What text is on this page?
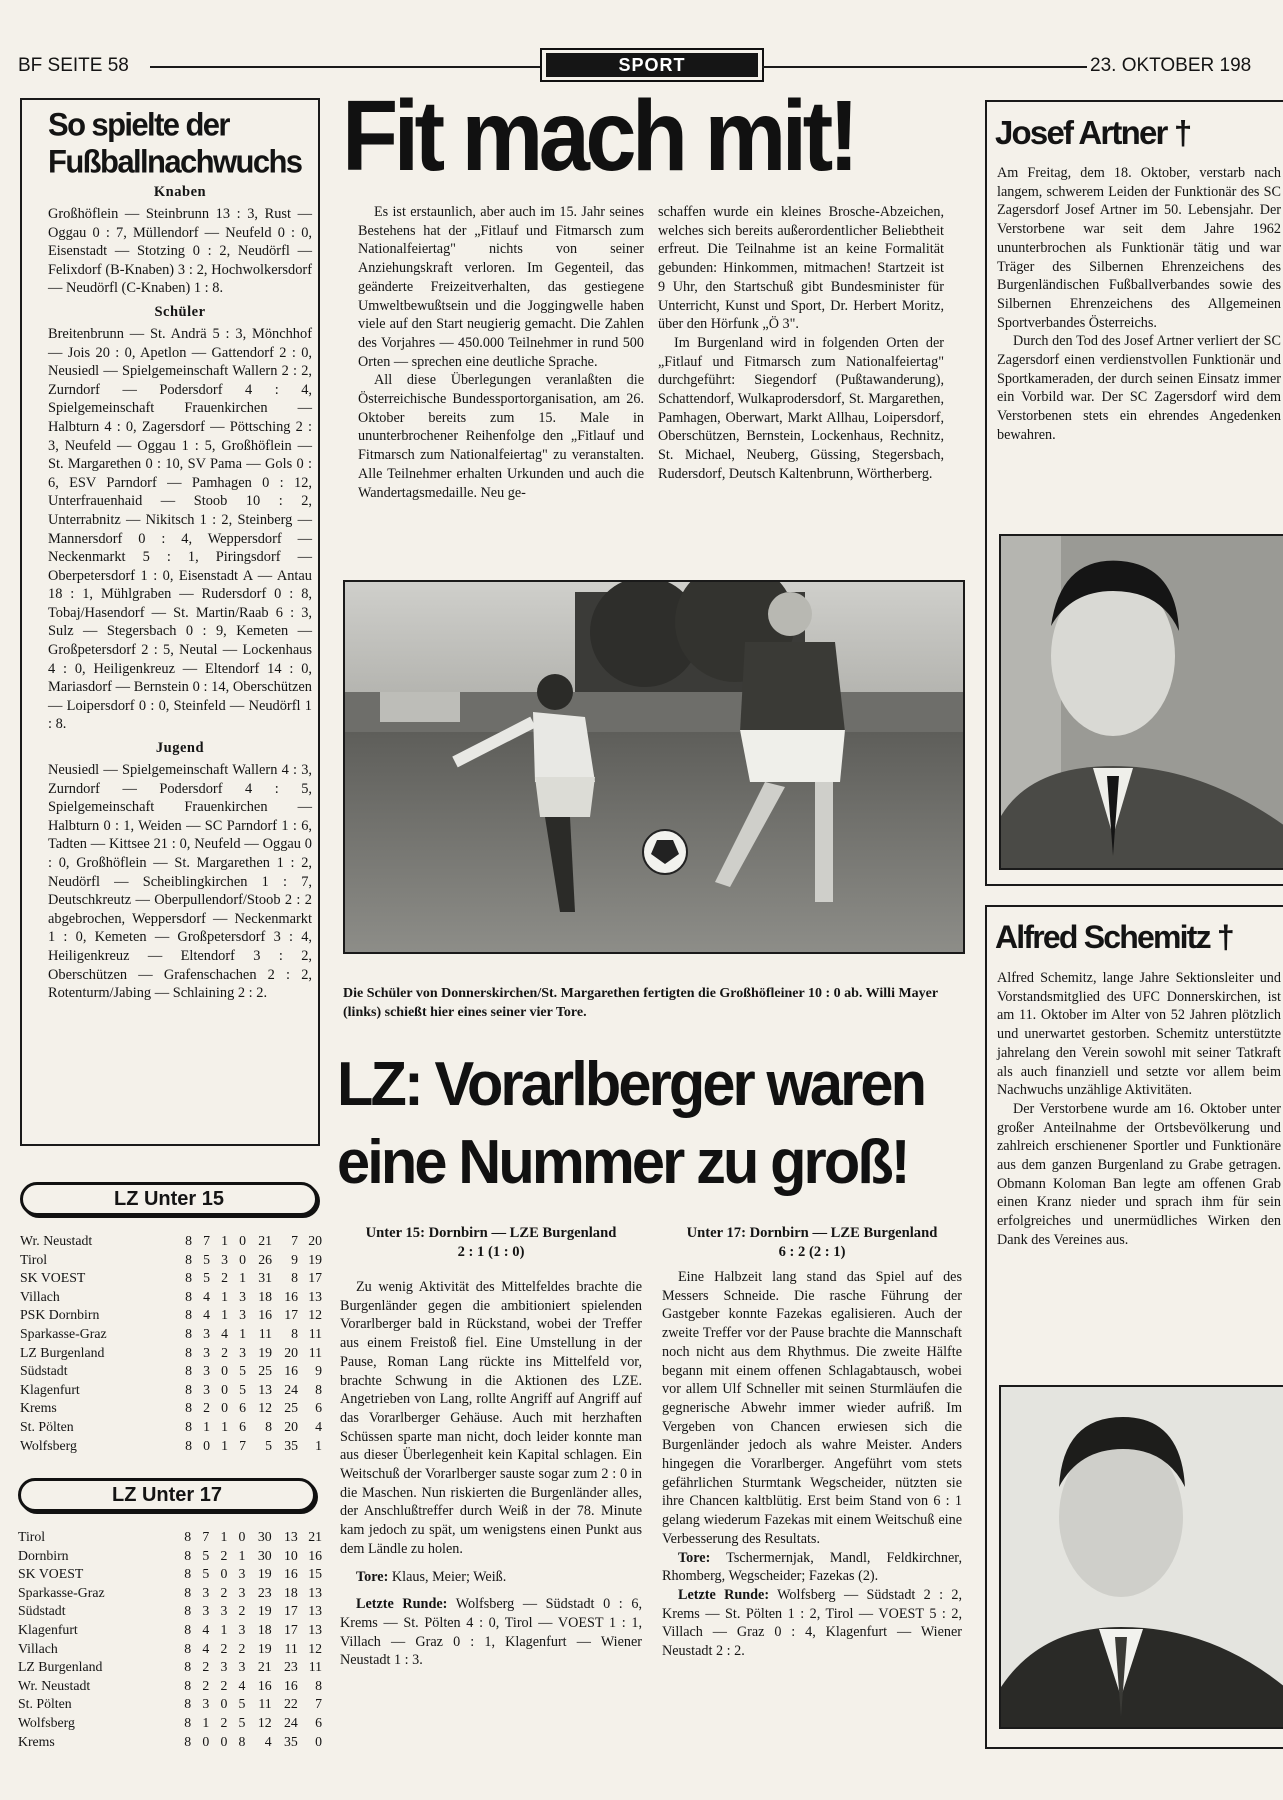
BF SEITE 58	SPORT	23. OKTOBER 198
So spielte der
Fußballnachwuchs
Knaben

Großhöflein — Steinbrunn 13 : 3, Rust — Oggau 0 : 7, Müllendorf — Neufeld 0 : 0, Eisenstadt — Stotzing 0 : 2, Neudörfl — Felixdorf (B-Knaben) 3 : 2, Hochwolkersdorf — Neudörfl (C-Knaben) 1 : 8.

Schüler

Breitenbrunn — St. Andrä 5 : 3, Mönchhof — Jois 20 : 0, Apetlon — Gattendorf 2 : 0, Neusiedl — Spielgemeinschaft Wallern 2 : 2, Zurndorf — Podersdorf 4 : 4, Spielgemeinschaft Frauenkirchen — Halbturn 4 : 0, Zagersdorf — Pöttsching 2 : 3, Neufeld — Oggau 1 : 5, Großhöflein — St. Margarethen 0 : 10, SV Pama — Gols 0 : 6, ESV Parndorf — Pamhagen 0 : 12, Unterfrauenhaid — Stoob 10 : 2, Unterrabnitz — Nikitsch 1 : 2, Steinberg — Mannersdorf 0 : 4, Weppersdorf — Neckenmarkt 5 : 1, Piringsdorf — Oberpetersdorf 1 : 0, Eisenstadt A — Antau 18 : 1, Mühlgraben — Rudersdorf 0 : 8, Tobaj/Hasendorf — St. Martin/Raab 6 : 3, Sulz — Stegersbach 0 : 9, Kemeten — Großpetersdorf 2 : 5, Neutal — Lockenhaus 4 : 0, Heiligenkreuz — Eltendorf 14 : 0, Mariasdorf — Bernstein 0 : 14, Oberschützen — Loipersdorf 0 : 0, Steinfeld — Neudörfl 1 : 8.

Jugend

Neusiedl — Spielgemeinschaft Wallern 4 : 3, Zurndorf — Podersdorf 4 : 5, Spielgemeinschaft Frauenkirchen — Halbturn 0 : 1, Weiden — SC Parndorf 1 : 6, Tadten — Kittsee 21 : 0, Neufeld — Oggau 0 : 0, Großhöflein — St. Margarethen 1 : 2, Neudörfl — Scheiblingkirchen 1 : 7, Deutschkreutz — Oberpullendorf/Stoob 2 : 2 abgebrochen, Weppersdorf — Neckenmarkt 1 : 0, Kemeten — Großpetersdorf 3 : 4, Heiligenkreuz — Eltendorf 3 : 2, Oberschützen — Grafenschachen 2 : 2, Rotenturm/Jabing — Schlaining 2 : 2.

LZ Unter 15
Wr. Neustadt	8	7	1	0	21	7	20
Tirol	8	5	3	0	26	9	19
SK VOEST	8	5	2	1	31	8	17
Villach	8	4	1	3	18	16	13
PSK Dornbirn	8	4	1	3	16	17	12
Sparkasse-Graz	8	3	4	1	11	8	11
LZ Burgenland	8	3	2	3	19	20	11
Südstadt	8	3	0	5	25	16	9
Klagenfurt	8	3	0	5	13	24	8
Krems	8	2	0	6	12	25	6
St. Pölten	8	1	1	6	8	20	4
Wolfsberg	8	0	1	7	5	35	1
LZ Unter 17
Tirol	8	7	1	0	30	13	21
Dornbirn	8	5	2	1	30	10	16
SK VOEST	8	5	0	3	19	16	15
Sparkasse-Graz	8	3	2	3	23	18	13
Südstadt	8	3	3	2	19	17	13
Klagenfurt	8	4	1	3	18	17	13
Villach	8	4	2	2	19	11	12
LZ Burgenland	8	2	3	3	21	23	11
Wr. Neustadt	8	2	2	4	16	16	8
St. Pölten	8	3	0	5	11	22	7
Wolfsberg	8	1	2	5	12	24	6
Krems	8	0	0	8	4	35	0
Fit mach mit!

Es ist erstaunlich, aber auch im 15. Jahr seines Bestehens hat der „Fitlauf und Fitmarsch zum Nationalfeiertag" nichts von seiner Anziehungskraft verloren. Im Gegenteil, das geänderte Freizeitverhalten, das gestiegene Umweltbewußtsein und die Joggingwelle haben viele auf den Start neugierig gemacht. Die Zahlen des Vorjahres — 450.000 Teilnehmer in rund 500 Orten — sprechen eine deutliche Sprache.

All diese Überlegungen veranlaßten die Österreichische Bundessportorganisation, am 26. Oktober bereits zum 15. Male in ununterbrochener Reihenfolge den „Fitlauf und Fitmarsch zum Nationalfeiertag" zu veranstalten. Alle Teilnehmer erhalten Urkunden und auch die Wandertagsmedaille. Neu ge-

schaffen wurde ein kleines Brosche-Abzeichen, welches sich bereits außerordentlicher Beliebtheit erfreut. Die Teilnahme ist an keine Formalität gebunden: Hinkommen, mitmachen! Startzeit ist 9 Uhr, den Startschuß gibt Bundesminister für Unterricht, Kunst und Sport, Dr. Herbert Moritz, über den Hörfunk „Ö 3".

Im Burgenland wird in folgenden Orten der „Fitlauf und Fitmarsch zum Nationalfeiertag" durchgeführt: Siegendorf (Pußtawanderung), Schattendorf, Wulkaprodersdorf, St. Margarethen, Pamhagen, Oberwart, Markt Allhau, Loipersdorf, Oberschützen, Bernstein, Lockenhaus, Rechnitz, St. Michael, Neuberg, Güssing, Stegersbach, Rudersdorf, Deutsch Kaltenbrunn, Wörtherberg.

Die Schüler von Donnerskirchen/St. Margarethen fertigten die Großhöfleiner 10 : 0 ab. Willi Mayer (links) schießt hier eines seiner vier Tore.
LZ: Vorarlberger waren
eine Nummer zu groß!
Unter 15: Dornbirn — LZE Burgenland
2 : 1 (1 : 0)

Zu wenig Aktivität des Mittelfeldes brachte die Burgenländer gegen die ambitioniert spielenden Vorarlberger bald in Rückstand, wobei der Treffer aus einem Freistoß fiel. Eine Umstellung in der Pause, Roman Lang rückte ins Mittelfeld vor, brachte Schwung in die Aktionen des LZE. Angetrieben von Lang, rollte Angriff auf Angriff auf das Vorarlberger Gehäuse. Auch mit herzhaften Schüssen sparte man nicht, doch leider konnte man aus dieser Überlegenheit kein Kapital schlagen. Ein Weitschuß der Vorarlberger sauste sogar zum 2 : 0 in die Maschen. Nun riskierten die Burgenländer alles, der Anschlußtreffer durch Weiß in der 78. Minute kam jedoch zu spät, um wenigstens einen Punkt aus dem Ländle zu holen.

Tore: Klaus, Meier; Weiß.

Letzte Runde: Wolfsberg — Südstadt 0 : 6, Krems — St. Pölten 4 : 0, Tirol — VOEST 1 : 1, Villach — Graz 0 : 1, Klagenfurt — Wiener Neustadt 1 : 3.

Unter 17: Dornbirn — LZE Burgenland
6 : 2 (2 : 1)

Eine Halbzeit lang stand das Spiel auf des Messers Schneide. Die rasche Führung der Gastgeber konnte Fazekas egalisieren. Auch der zweite Treffer vor der Pause brachte die Mannschaft noch nicht aus dem Rhythmus. Die zweite Hälfte begann mit einem offenen Schlagabtausch, wobei vor allem Ulf Schneller mit seinen Sturmläufen die gegnerische Abwehr immer wieder aufriß. Im Vergeben von Chancen erwiesen sich die Burgenländer jedoch als wahre Meister. Anders hingegen die Vorarlberger. Angeführt vom stets gefährlichen Sturmtank Wegscheider, nützten sie ihre Chancen kaltblütig. Erst beim Stand von 6 : 1 gelang wiederum Fazekas mit einem Weitschuß eine Verbesserung des Resultats.

Tore: Tschermernjak, Mandl, Feldkirchner, Rhomberg, Wegscheider; Fazekas (2).

Letzte Runde: Wolfsberg — Südstadt 2 : 2, Krems — St. Pölten 1 : 2, Tirol — VOEST 5 : 2, Villach — Graz 0 : 4, Klagenfurt — Wiener Neustadt 2 : 2.

Josef Artner †

Am Freitag, dem 18. Oktober, verstarb nach langem, schwerem Leiden der Funktionär des SC Zagersdorf Josef Artner im 50. Lebensjahr. Der Verstorbene war seit dem Jahre 1962 ununterbrochen als Funktionär tätig und war Träger des Silbernen Ehrenzeichens des Burgenländischen Fußballverbandes sowie des Silbernen Ehrenzeichens des Allgemeinen Sportverbandes Österreichs.

Durch den Tod des Josef Artner verliert der SC Zagersdorf einen verdienstvollen Funktionär und Sportkameraden, der durch seinen Einsatz immer ein Vorbild war. Der SC Zagersdorf wird dem Verstorbenen stets ein ehrendes Angedenken bewahren.

Alfred Schemitz †

Alfred Schemitz, lange Jahre Sektionsleiter und Vorstandsmitglied des UFC Donnerskirchen, ist am 11. Oktober im Alter von 52 Jahren plötzlich und unerwartet gestorben. Schemitz unterstützte jahrelang den Verein sowohl mit seiner Tatkraft als auch finanziell und setzte vor allem beim Nachwuchs unzählige Aktivitäten.

Der Verstorbene wurde am 16. Oktober unter großer Anteilnahme der Ortsbevölkerung und zahlreich erschienener Sportler und Funktionäre aus dem ganzen Burgenland zu Grabe getragen. Obmann Koloman Ban legte am offenen Grab einen Kranz nieder und sprach ihm für sein erfolgreiches und unermüdliches Wirken den Dank des Vereines aus.
